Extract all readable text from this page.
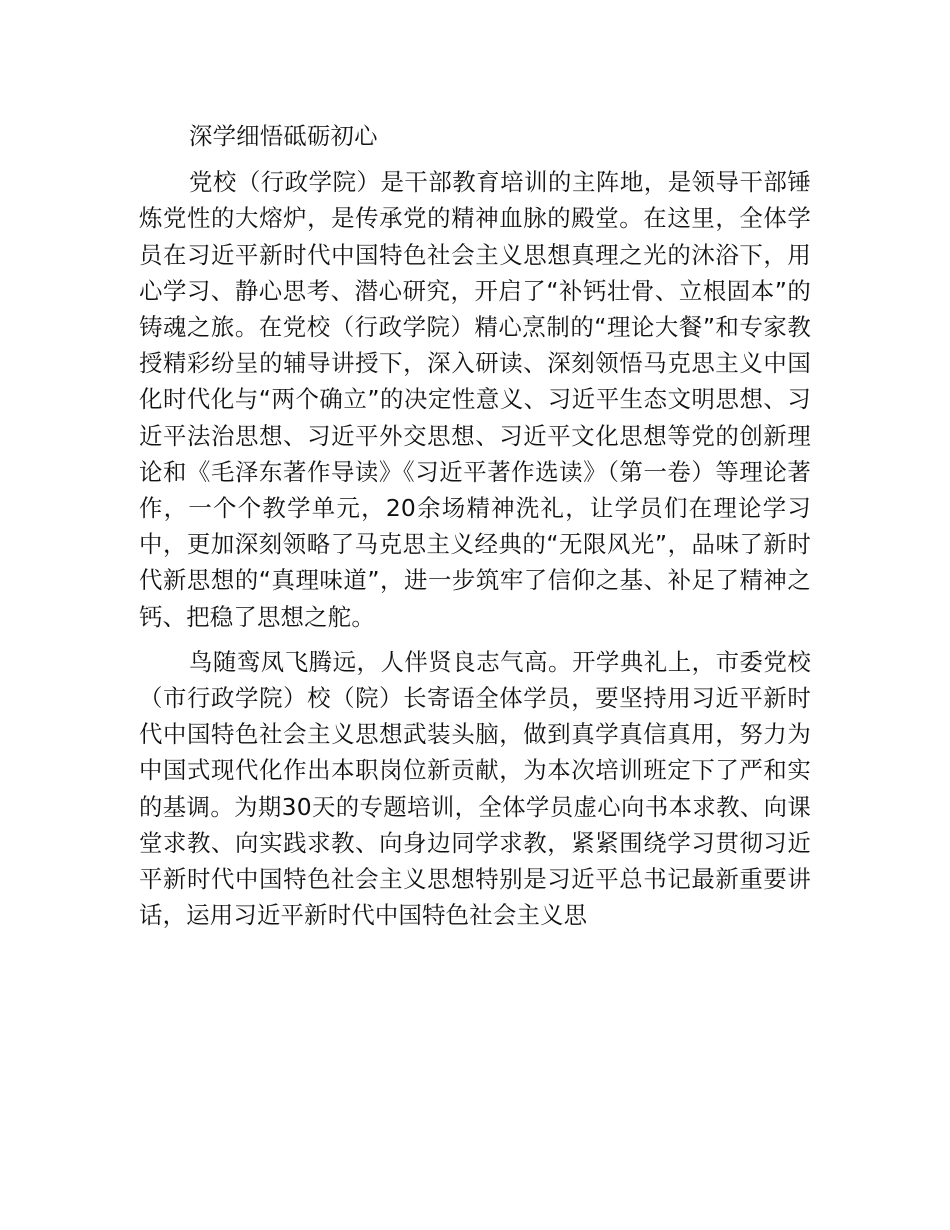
深学细悟砥砺初心

党校（行政学院）是干部教育培训的主阵地，是领导干部锤炼党性的大熔炉，是传承党的精神血脉的殿堂。在这里，全体学员在习近平新时代中国特色社会主义思想真理之光的沐浴下，用心学习、静心思考、潜心研究，开启了“补钙壮骨、立根固本”的铸魂之旅。在党校（行政学院）精心烹制的“理论大餐”和专家教授精彩纷呈的辅导讲授下，深入研读、深刻领悟马克思主义中国化时代化与“两个确立”的决定性意义、习近平生态文明思想、习近平法治思想、习近平外交思想、习近平文化思想等党的创新理论和《毛泽东著作导读》《习近平著作选读》（第一卷）等理论著作，一个个教学单元，20余场精神洗礼，让学员们在理论学习中，更加深刻领略了马克思主义经典的“无限风光”，品味了新时代新思想的“真理味道”，进一步筑牢了信仰之基、补足了精神之钙、把稳了思想之舵。

鸟随鸾凤飞腾远，人伴贤良志气高。开学典礼上，市委党校（市行政学院）校（院）长寄语全体学员，要坚持用习近平新时代中国特色社会主义思想武装头脑，做到真学真信真用，努力为中国式现代化作出本职岗位新贡献，为本次培训班定下了严和实的基调。为期30天的专题培训，全体学员虚心向书本求教、向课堂求教、向实践求教、向身边同学求教，紧紧围绕学习贯彻习近平新时代中国特色社会主义思想特别是习近平总书记最新重要讲话，运用习近平新时代中国特色社会主义思
